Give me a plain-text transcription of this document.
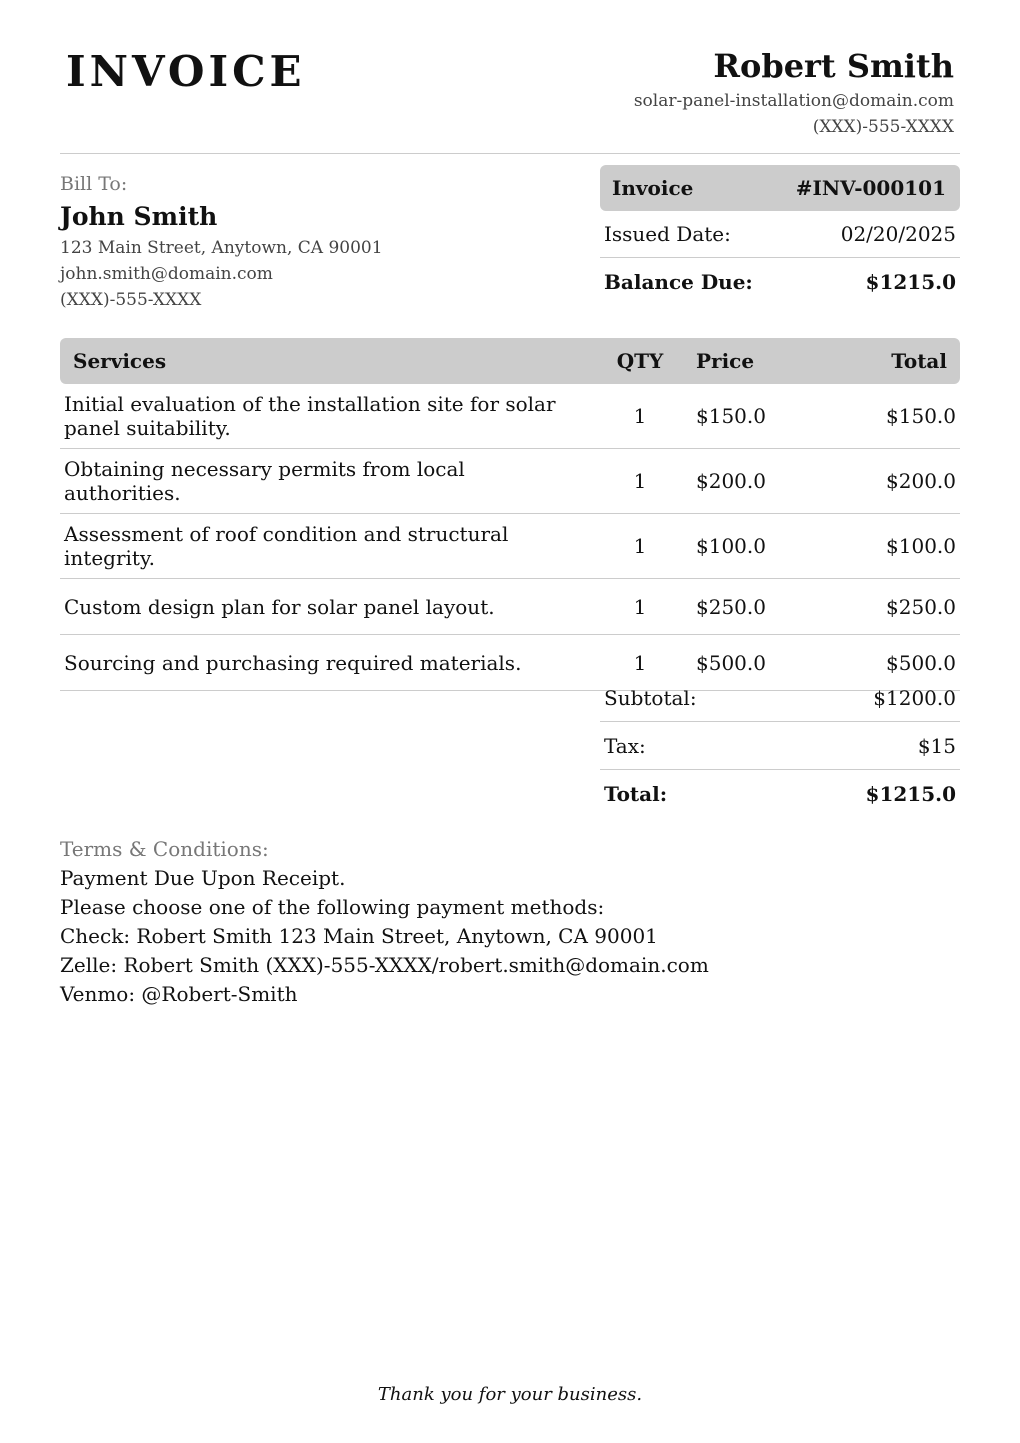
INVOICE	Robert Smith
solar-panel-installation@domain.com
(XXX)-555-XXXX
Bill To:
John Smith
123 Main Street, Anytown, CA 90001
john.smith@domain.com
(XXX)-555-XXXX
Invoice	#INV-000101
Issued Date:	02/20/2025
Balance Due:	$1215.0
Services	QTY	Price	Total
Initial evaluation of the installation site for solar panel suitability.	1	$150.0	$150.0
Obtaining necessary permits from local authorities.	1	$200.0	$200.0
Assessment of roof condition and structural integrity.	1	$100.0	$100.0
Custom design plan for solar panel layout.	1	$250.0	$250.0
Sourcing and purchasing required materials.	1	$500.0	$500.0
Subtotal:	$1200.0
Tax:	$15
Total:	$1215.0
Terms & Conditions:
Payment Due Upon Receipt.
Please choose one of the following payment methods:
Check: Robert Smith 123 Main Street, Anytown, CA 90001
Zelle: Robert Smith (XXX)-555-XXXX/robert.smith@domain.com
Venmo: @Robert-Smith
Thank you for your business.
